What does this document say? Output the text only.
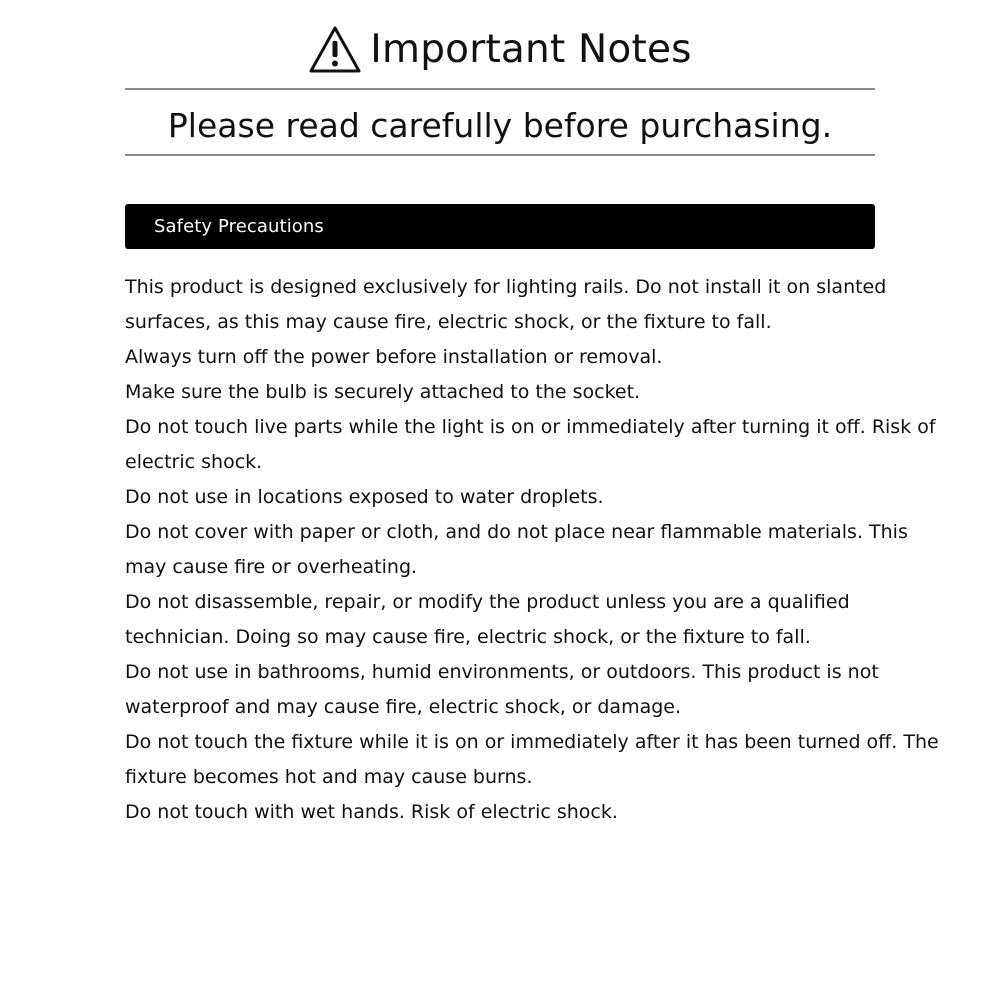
Important Notes
Please read carefully before purchasing.
Safety Precautions
This product is designed exclusively for lighting rails. Do not install it on slanted
surfaces, as this may cause fire, electric shock, or the fixture to fall.
Always turn off the power before installation or removal.
Make sure the bulb is securely attached to the socket.
Do not touch live parts while the light is on or immediately after turning it off. Risk of
electric shock.
Do not use in locations exposed to water droplets.
Do not cover with paper or cloth, and do not place near flammable materials. This
may cause fire or overheating.
Do not disassemble, repair, or modify the product unless you are a qualified
technician. Doing so may cause fire, electric shock, or the fixture to fall.
Do not use in bathrooms, humid environments, or outdoors. This product is not
waterproof and may cause fire, electric shock, or damage.
Do not touch the fixture while it is on or immediately after it has been turned off. The
fixture becomes hot and may cause burns.
Do not touch with wet hands. Risk of electric shock.
